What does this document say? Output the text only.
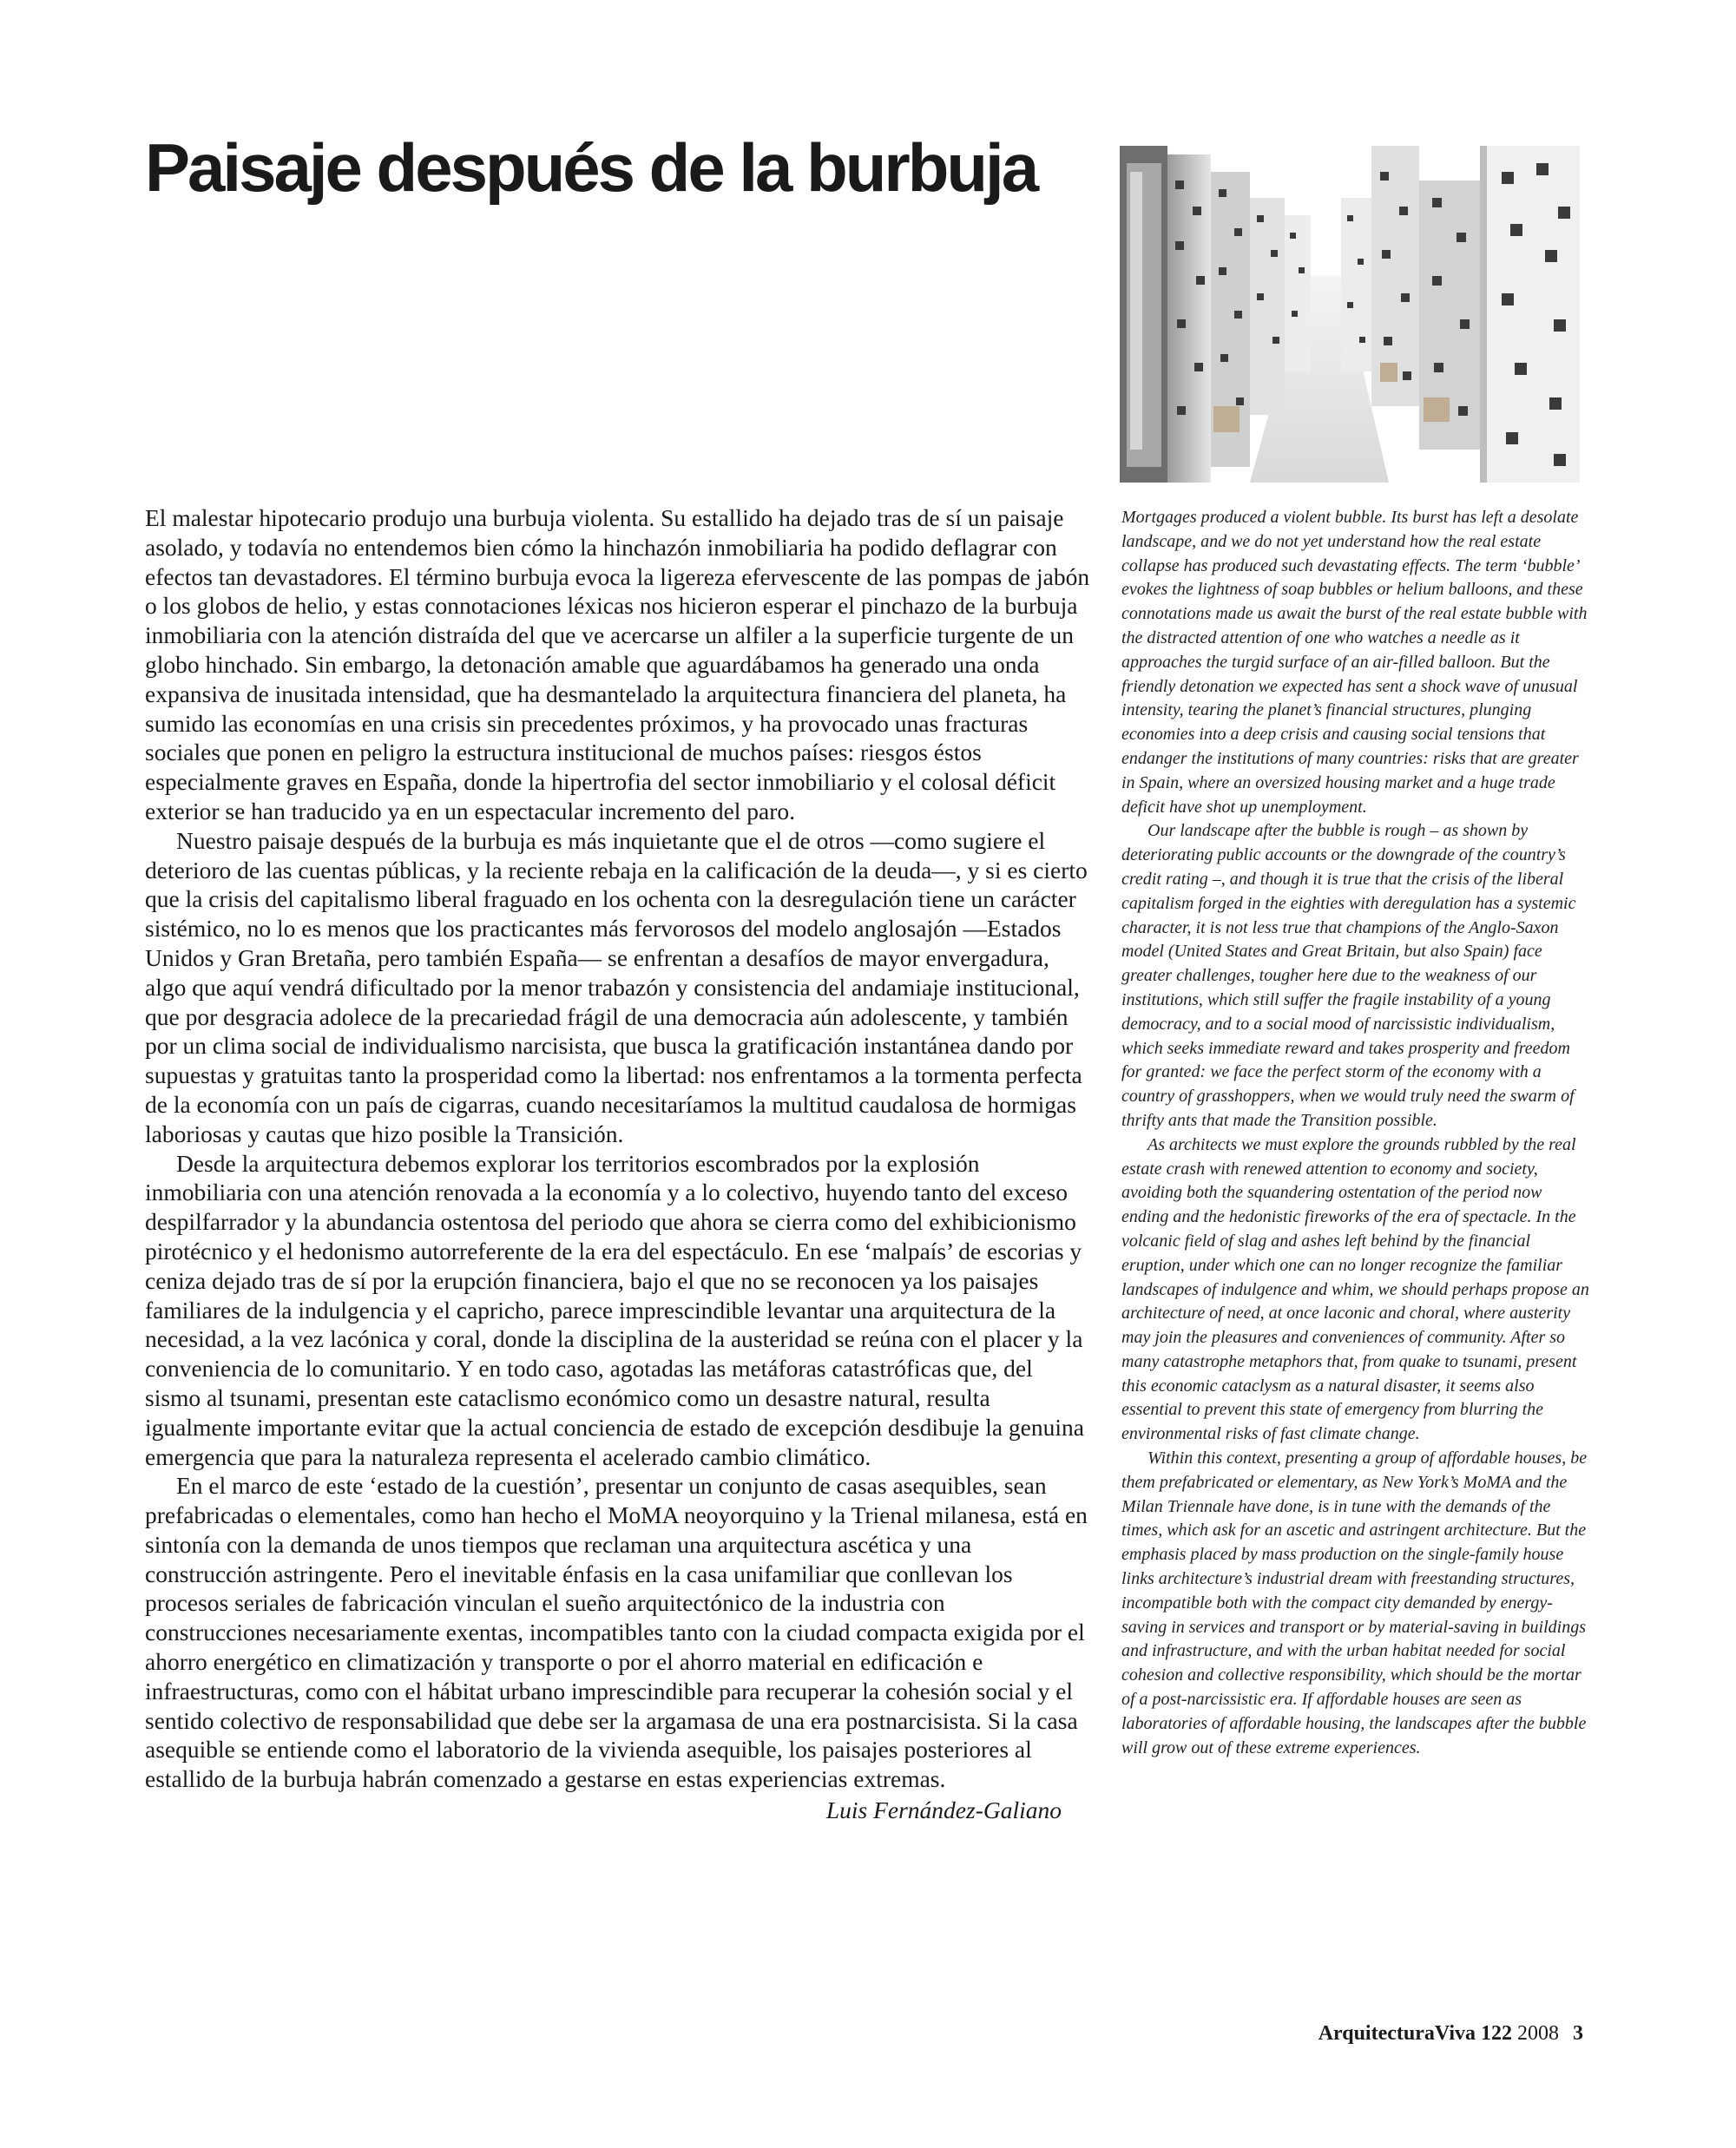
Paisaje después de la burbuja

El malestar hipotecario produjo una burbuja violenta. Su estallido ha dejado tras de sí un paisaje asolado, y todavía no entendemos bien cómo la hinchazón inmobiliaria ha podido deflagrar con efectos tan devastadores. El término burbuja evoca la ligereza efervescente de las pompas de jabón o los globos de helio, y estas connotaciones léxicas nos hicieron esperar el pinchazo de la burbuja inmobiliaria con la atención distraída del que ve acercarse un alfiler a la superficie turgente de un globo hinchado. Sin embargo, la detonación amable que aguardábamos ha generado una onda expansiva de inusitada intensidad, que ha desmantelado la arquitectura financiera del planeta, ha sumido las economías en una crisis sin precedentes próximos, y ha provocado unas fracturas sociales que ponen en peligro la estructura institucional de muchos países: riesgos éstos especialmente graves en España, donde la hipertrofia del sector inmobiliario y el colosal déficit exterior se han traducido ya en un espectacular incremento del paro.

Nuestro paisaje después de la burbuja es más inquietante que el de otros —como sugiere el deterioro de las cuentas públicas, y la reciente rebaja en la calificación de la deuda—, y si es cierto que la crisis del capitalismo liberal fraguado en los ochenta con la desregulación tiene un carácter sistémico, no lo es menos que los practicantes más fervorosos del modelo anglosajón —Estados Unidos y Gran Bretaña, pero también España— se enfrentan a desafíos de mayor envergadura, algo que aquí vendrá dificultado por la menor trabazón y consistencia del andamiaje institucional, que por desgracia adolece de la precariedad frágil de una democracia aún adolescente, y también por un clima social de individualismo narcisista, que busca la gratificación instantánea dando por supuestas y gratuitas tanto la prosperidad como la libertad: nos enfrentamos a la tormenta perfecta de la economía con un país de cigarras, cuando necesitaríamos la multitud caudalosa de hormigas laboriosas y cautas que hizo posible la Transición.

Desde la arquitectura debemos explorar los territorios escombrados por la explosión inmobiliaria con una atención renovada a la economía y a lo colectivo, huyendo tanto del exceso despilfarrador y la abundancia ostentosa del periodo que ahora se cierra como del exhibicionismo pirotécnico y el hedonismo autorreferente de la era del espectáculo. En ese ‘malpaís’ de escorias y ceniza dejado tras de sí por la erupción financiera, bajo el que no se reconocen ya los paisajes familiares de la indulgencia y el capricho, parece imprescindible levantar una arquitectura de la necesidad, a la vez lacónica y coral, donde la disciplina de la austeridad se reúna con el placer y la conveniencia de lo comunitario. Y en todo caso, agotadas las metáforas catastróficas que, del sismo al tsunami, presentan este cataclismo económico como un desastre natural, resulta igualmente importante evitar que la actual conciencia de estado de excepción desdibuje la genuina emergencia que para la naturaleza representa el acelerado cambio climático.

En el marco de este ‘estado de la cuestión’, presentar un conjunto de casas asequibles, sean prefabricadas o elementales, como han hecho el MoMA neoyorquino y la Trienal milanesa, está en sintonía con la demanda de unos tiempos que reclaman una arquitectura ascética y una construcción astringente. Pero el inevitable énfasis en la casa unifamiliar que conllevan los procesos seriales de fabricación vinculan el sueño arquitectónico de la industria con construcciones necesariamente exentas, incompatibles tanto con la ciudad compacta exigida por el ahorro energético en climatización y transporte o por el ahorro material en edificación e infraestructuras, como con el hábitat urbano imprescindible para recuperar la cohesión social y el sentido colectivo de responsabilidad que debe ser la argamasa de una era postnarcisista. Si la casa asequible se entiende como el laboratorio de la vivienda asequible, los paisajes posteriores al estallido de la burbuja habrán comenzado a gestarse en estas experiencias extremas.

Luis Fernández-Galiano

Mortgages produced a violent bubble. Its burst has left a desolate landscape, and we do not yet understand how the real estate collapse has produced such devastating effects. The term ‘bubble’ evokes the lightness of soap bubbles or helium balloons, and these connotations made us await the burst of the real estate bubble with the distracted attention of one who watches a needle as it approaches the turgid surface of an air-filled balloon. But the friendly detonation we expected has sent a shock wave of unusual intensity, tearing the planet’s financial structures, plunging economies into a deep crisis and causing social tensions that endanger the institutions of many countries: risks that are greater in Spain, where an oversized housing market and a huge trade deficit have shot up unemployment.

Our landscape after the bubble is rough – as shown by deteriorating public accounts or the downgrade of the country’s credit rating –, and though it is true that the crisis of the liberal capitalism forged in the eighties with deregulation has a systemic character, it is not less true that champions of the Anglo-Saxon model (United States and Great Britain, but also Spain) face greater challenges, tougher here due to the weakness of our institutions, which still suffer the fragile instability of a young democracy, and to a social mood of narcissistic individualism, which seeks immediate reward and takes prosperity and freedom for granted: we face the perfect storm of the economy with a country of grasshoppers, when we would truly need the swarm of thrifty ants that made the Transition possible.

As architects we must explore the grounds rubbled by the real estate crash with renewed attention to economy and society, avoiding both the squandering ostentation of the period now ending and the hedonistic fireworks of the era of spectacle. In the volcanic field of slag and ashes left behind by the financial eruption, under which one can no longer recognize the familiar landscapes of indulgence and whim, we should perhaps propose an architecture of need, at once laconic and choral, where austerity may join the pleasures and conveniences of community. After so many catastrophe metaphors that, from quake to tsunami, present this economic cataclysm as a natural disaster, it seems also essential to prevent this state of emergency from blurring the environmental risks of fast climate change.

Within this context, presenting a group of affordable houses, be them prefabricated or elementary, as New York’s MoMA and the Milan Triennale have done, is in tune with the demands of the times, which ask for an ascetic and astringent architecture. But the emphasis placed by mass production on the single-family house links architecture’s industrial dream with freestanding structures, incompatible both with the compact city demanded by energy-saving in services and transport or by material-saving in buildings and infrastructure, and with the urban habitat needed for social cohesion and collective responsibility, which should be the mortar of a post-narcissistic era. If affordable houses are seen as laboratories of affordable housing, the landscapes after the bubble will grow out of these extreme experiences.

ArquitecturaViva 122 2008 3
